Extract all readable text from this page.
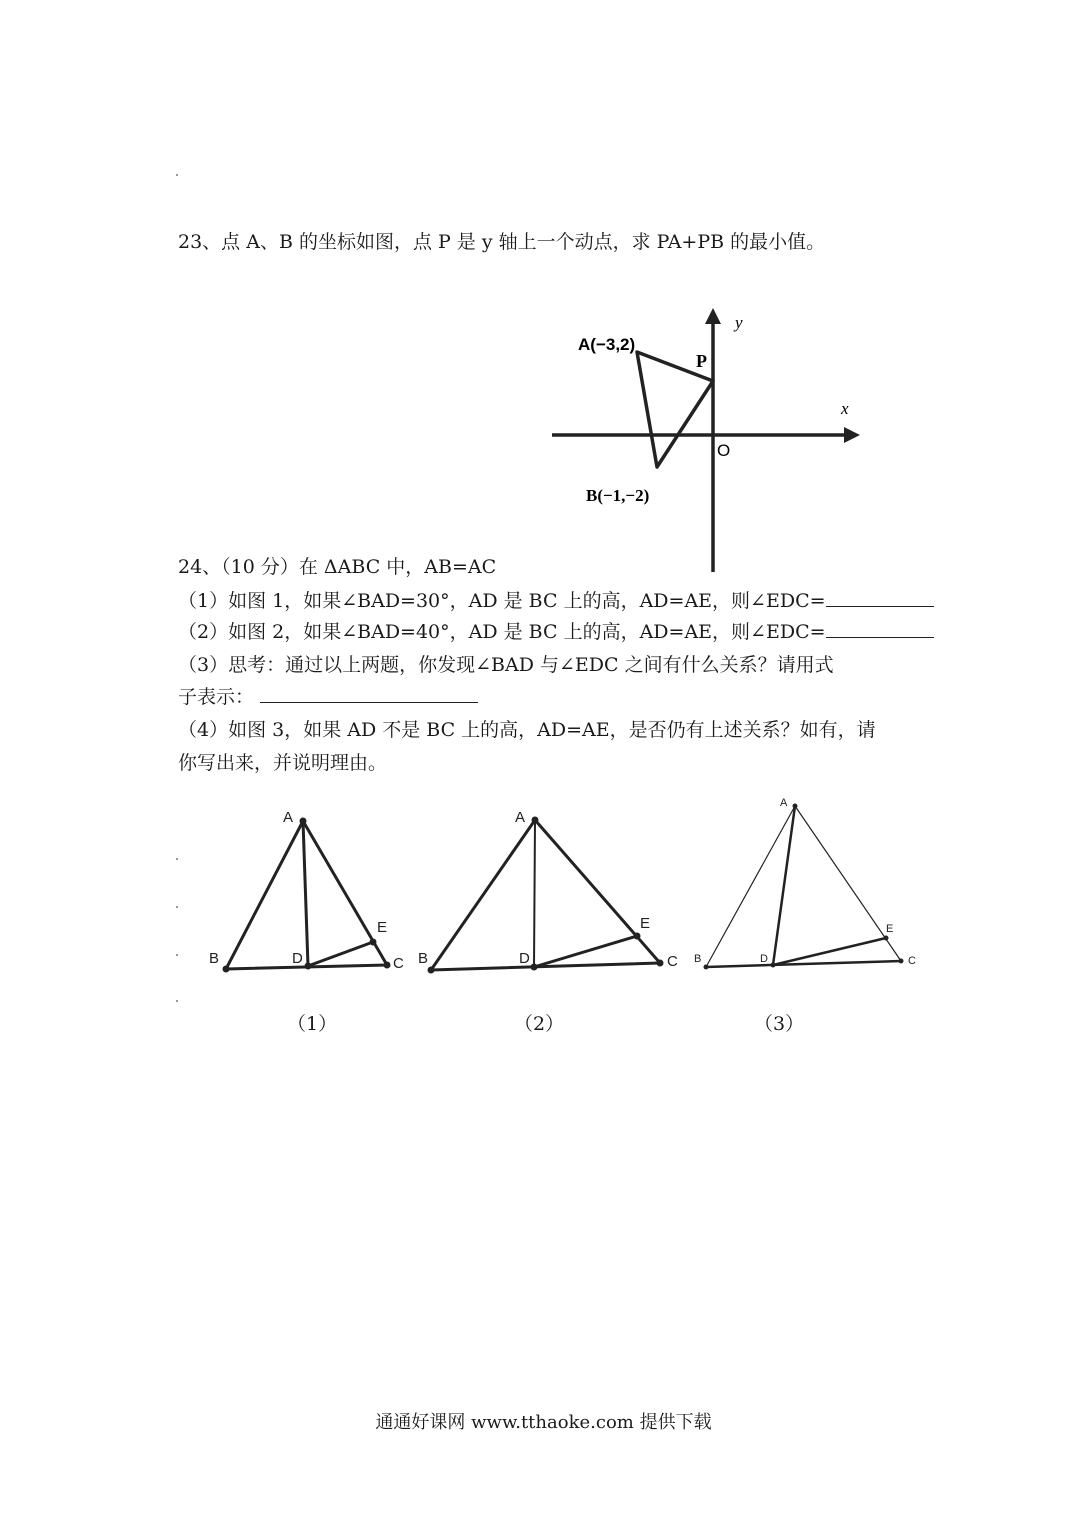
23、点 A、B 的坐标如图，点 P 是 y 轴上一个动点，求 PA+PB 的最小值。
A(−3,2)
B(−1,−2)
P
O
x
y
24、（10 分）在 ΔABC 中，AB=AC
（1）如图 1，如果∠BAD=30°，AD 是 BC 上的高，AD=AE，则∠EDC=
（2）如图 2，如果∠BAD=40°，AD 是 BC 上的高，AD=AE，则∠EDC=
（3）思考：通过以上两题，你发现∠BAD 与∠EDC 之间有什么关系？请用式
子表示：
（4）如图 3，如果 AD 不是 BC 上的高，AD=AE，是否仍有上述关系？如有，请
你写出来，并说明理由。
A
B	C
D
E
A
B	C
D
E
A
B	C
D
E
（1）	（2）	（3）
通通好课网 www.tthaoke.com 提供下载
